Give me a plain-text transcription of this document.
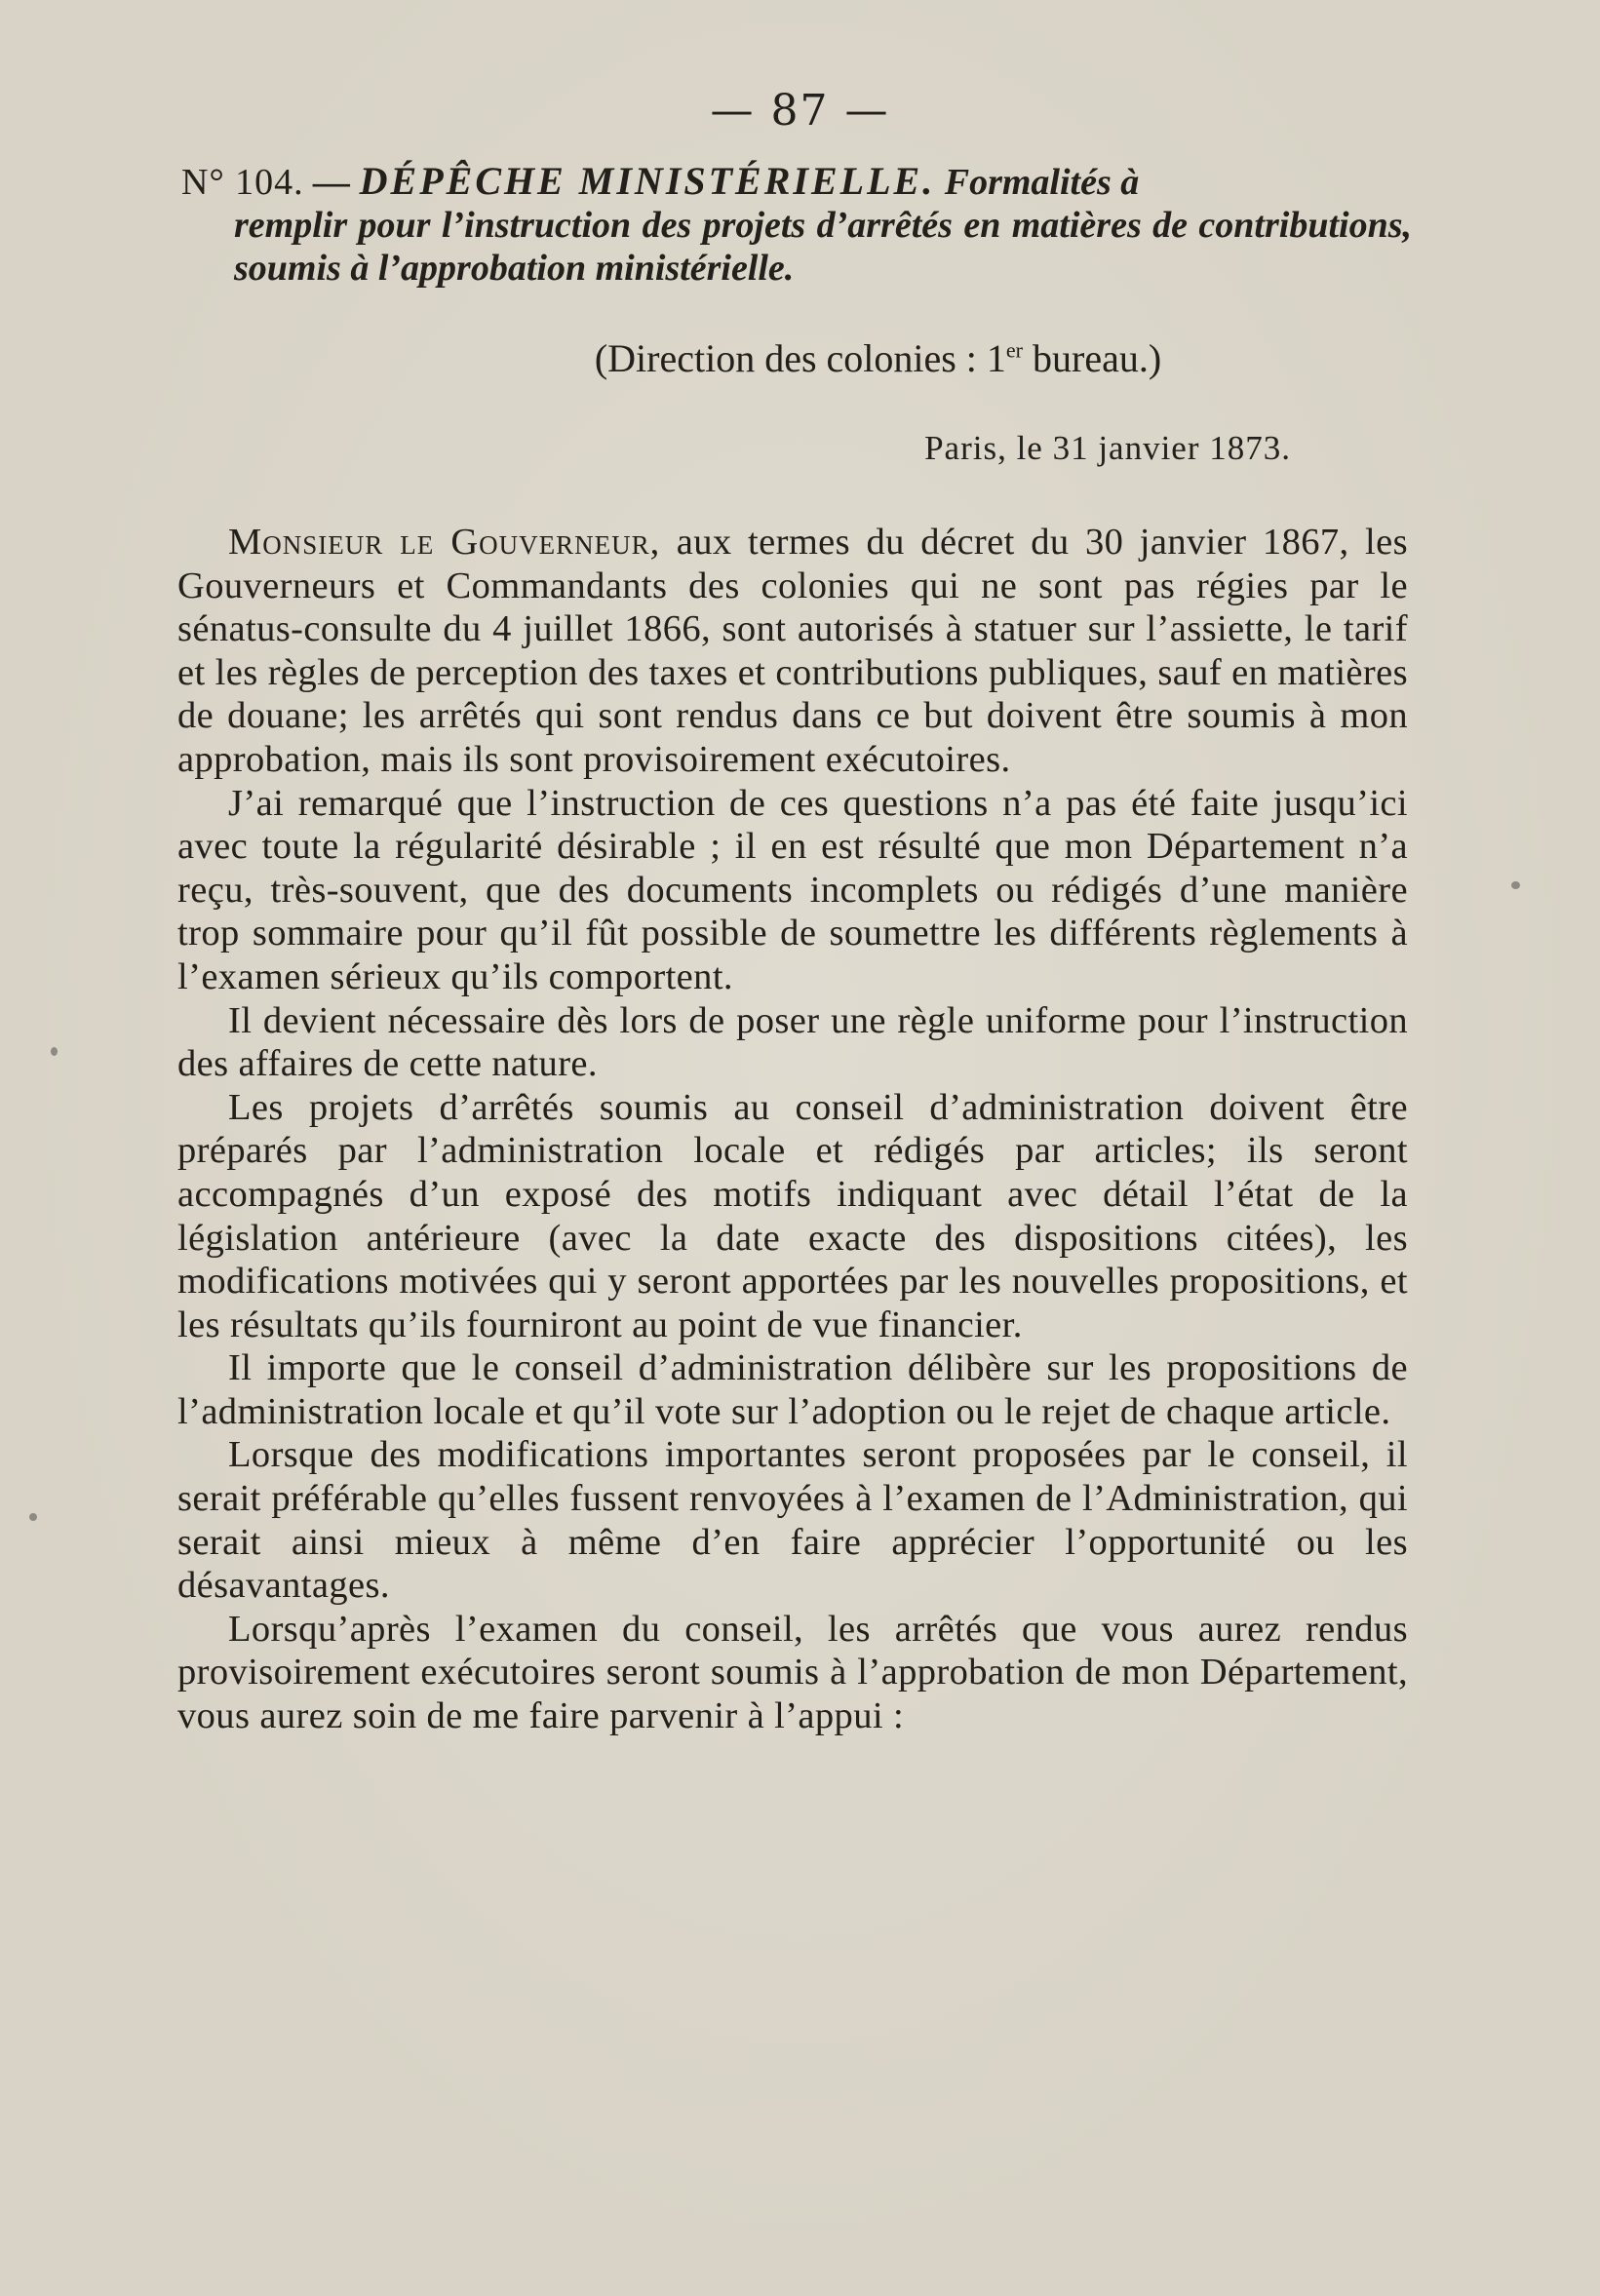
— 87 —
N° 104. — DÉPÊCHE MINISTÉRIELLE. Formalités à
remplir pour l’instruction des projets d’arrêtés en matières de contributions, soumis à l’approbation ministérielle.
(Direction des colonies : 1er bureau.)
Paris, le 31 janvier 1873.

Monsieur le Gouverneur, aux termes du décret du 30 janvier 1867, les Gouverneurs et Commandants des colonies qui ne sont pas régies par le sénatus-consulte du 4 juillet 1866, sont autorisés à statuer sur l’assiette, le tarif et les règles de perception des taxes et contributions publiques, sauf en matières de douane; les arrêtés qui sont rendus dans ce but doivent être soumis à mon approbation, mais ils sont provisoirement exécutoires.

J’ai remarqué que l’instruction de ces questions n’a pas été faite jusqu’ici avec toute la régularité désirable ; il en est résulté que mon Département n’a reçu, très-souvent, que des documents incomplets ou rédigés d’une manière trop sommaire pour qu’il fût possible de soumettre les différents règlements à l’examen sérieux qu’ils comportent.

Il devient nécessaire dès lors de poser une règle uniforme pour l’instruction des affaires de cette nature.

Les projets d’arrêtés soumis au conseil d’administration doivent être préparés par l’administration locale et rédigés par articles; ils seront accompagnés d’un exposé des motifs indiquant avec détail l’état de la législation antérieure (avec la date exacte des dispositions citées), les modifications motivées qui y seront apportées par les nouvelles propositions, et les résultats qu’ils fourniront au point de vue financier.

Il importe que le conseil d’administration délibère sur les propositions de l’administration locale et qu’il vote sur l’adoption ou le rejet de chaque article.

Lorsque des modifications importantes seront proposées par le conseil, il serait préférable qu’elles fussent renvoyées à l’examen de l’Administration, qui serait ainsi mieux à même d’en faire apprécier l’opportunité ou les désavantages.

Lorsqu’après l’examen du conseil, les arrêtés que vous aurez rendus provisoirement exécutoires seront soumis à l’approbation de mon Département, vous aurez soin de me faire parvenir à l’appui :
